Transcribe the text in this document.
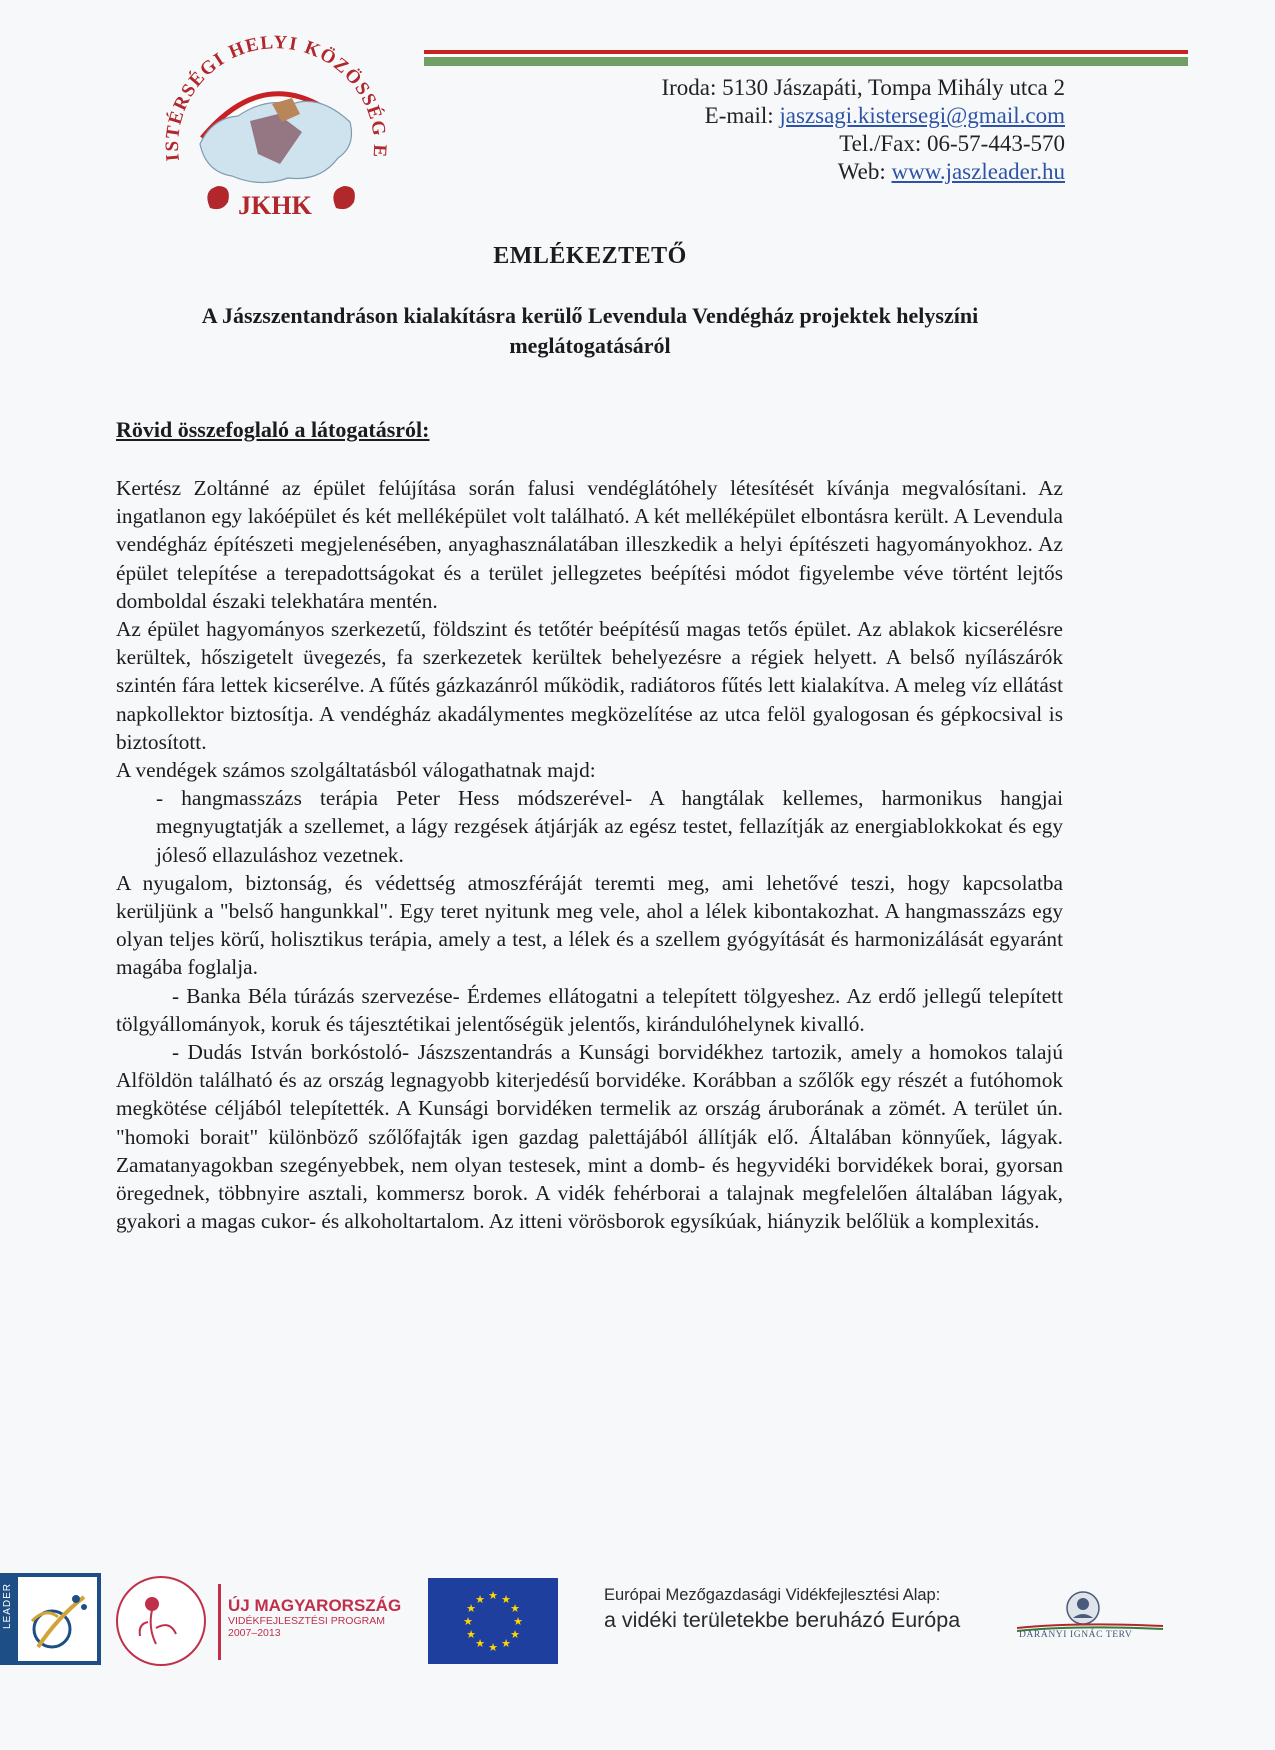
ISTÉRSÉGI HELYI KÖZÖSSÉG E
JKHK
Iroda: 5130 Jászapáti, Tompa Mihály utca 2
E-mail: jaszsagi.kistersegi@gmail.com
Tel./Fax: 06-57-443-570
Web: www.jaszleader.hu
EMLÉKEZTETŐ
A Jászszentandráson kialakításra kerülő Levendula Vendégház projektek helyszíni
meglátogatásáról
Rövid összefoglaló a látogatásról:

Kertész Zoltánné az épület felújítása során falusi vendéglátóhely létesítését kívánja megvalósítani. Az ingatlanon egy lakóépület és két melléképület volt található. A két melléképület elbontásra került. A Levendula vendégház építészeti megjelenésében, anyaghasználatában illeszkedik a helyi építészeti hagyományokhoz. Az épület telepítése a terepadottságokat és a terület jellegzetes beépítési módot figyelembe véve történt lejtős domboldal északi telekhatára mentén.

Az épület hagyományos szerkezetű, földszint és tetőtér beépítésű magas tetős épület. Az ablakok kicserélésre kerültek, hőszigetelt üvegezés, fa szerkezetek kerültek behelyezésre a régiek helyett. A belső nyílászárók szintén fára lettek kicserélve. A fűtés gázkazánról működik, radiátoros fűtés lett kialakítva. A meleg víz ellátást napkollektor biztosítja. A vendégház akadálymentes megközelítése az utca felöl gyalogosan és gépkocsival is biztosított.

A vendégek számos szolgáltatásból válogathatnak majd:

- hangmasszázs terápia Peter Hess módszerével- A hangtálak kellemes, harmonikus hangjai megnyugtatják a szellemet, a lágy rezgések átjárják az egész testet, fellazítják az energiablokkokat és egy jóleső ellazuláshoz vezetnek.

A nyugalom, biztonság, és védettség atmoszféráját teremti meg, ami lehetővé teszi, hogy kapcsolatba kerüljünk a "belső hangunkkal". Egy teret nyitunk meg vele, ahol a lélek kibontakozhat. A hangmasszázs egy olyan teljes körű, holisztikus terápia, amely a test, a lélek és a szellem gyógyítását és harmonizálását egyaránt magába foglalja.

- Banka Béla túrázás szervezése- Érdemes ellátogatni a telepített tölgyeshez. Az erdő jellegű telepített tölgyállományok, koruk és tájesztétikai jelentőségük jelentős, kirándulóhelynek kivalló.

- Dudás István borkóstoló- Jászszentandrás a Kunsági borvidékhez tartozik, amely a homokos talajú Alföldön található és az ország legnagyobb kiterjedésű borvidéke. Korábban a szőlők egy részét a futóhomok megkötése céljából telepítették. A Kunsági borvidéken termelik az ország áruborának a zömét. A terület ún. "homoki borait" különböző szőlőfajták igen gazdag palettájából állítják elő. Általában könnyűek, lágyak. Zamatanyagokban szegényebbek, nem olyan testesek, mint a domb- és hegyvidéki borvidékek borai, gyorsan öregednek, többnyire asztali, kommersz borok. A vidék fehérborai a talajnak megfelelően általában lágyak, gyakori a magas cukor- és alkoholtartalom. Az itteni vörösborok egysíkúak, hiányzik belőlük a komplexitás.

LEADER	ÚJ MAGYARORSZÁG
VIDÉKFEJLESZTÉSI PROGRAM
2007–2013
★ ★
★
★
★
★
★
★
★
★
★
★	Európai Mezőgazdasági Vidékfejlesztési Alap:
a vidéki területekbe beruházó Európa
DARÁNYI IGNÁC TERV
